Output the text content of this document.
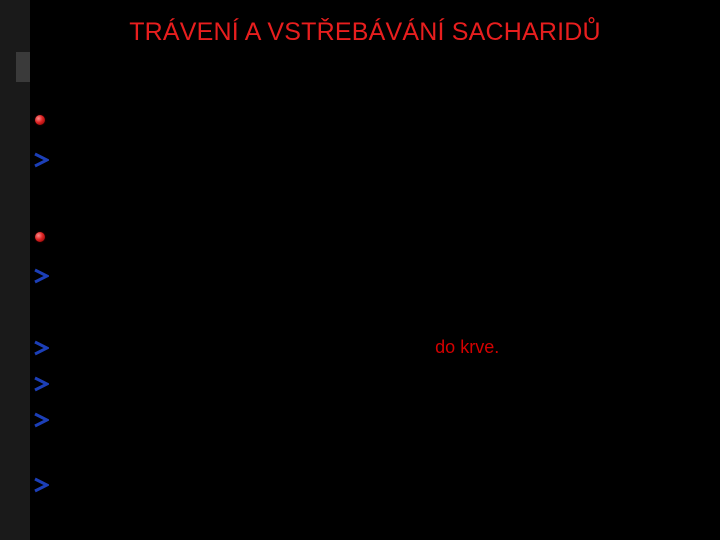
TRÁVENÍ A VSTŘEBÁVÁNÍ SACHARIDŮ
ÚSTNÍ DUTINA
α-amyláza (Ptyalin) štěpí škrob a glykogen až
na maltózu (disacharid).
DVANÁCTNÍK
Maltáza, laktáza, sacharáza a další enzymy štěpí
oligosacharidy až na monosacharidy.
Monosacharidy se vstřebávají v tenkém střevě do krve.
Nejrychleji se vstřebává galaktóza a glukóza.
Mnohem pomaleji se vstřebává fruktóza, ještě pomaleji
manóza, xylóza a arabinóza.
Disacharidy se ve střevě běžně nevstřebávají.
